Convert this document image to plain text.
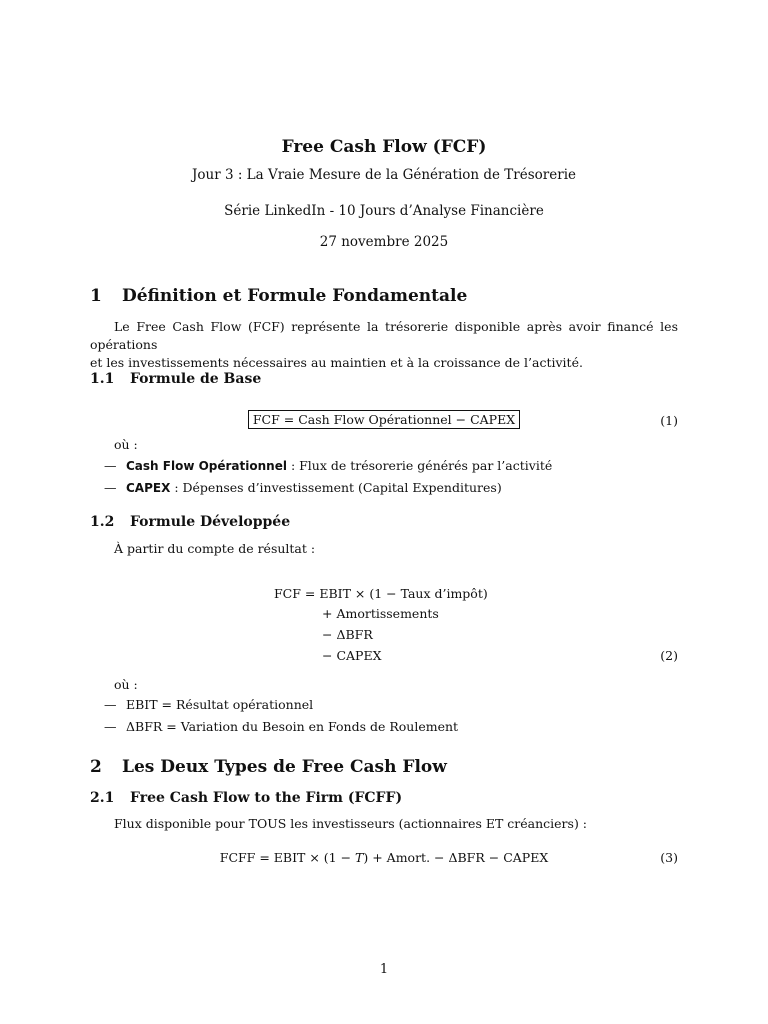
Free Cash Flow (FCF)
Jour 3 : La Vraie Mesure de la Génération de Trésorerie
Série LinkedIn - 10 Jours d’Analyse Financière
27 novembre 2025
1 Définition et Formule Fondamentale
Le Free Cash Flow (FCF) représente la trésorerie disponible après avoir financé les opérations
et les investissements nécessaires au maintien et à la croissance de l’activité.
1.1 Formule de Base
FCF = Cash Flow Opérationnel − CAPEX	(1)
où :
— Cash Flow Opérationnel : Flux de trésorerie générés par l’activité
— CAPEX : Dépenses d’investissement (Capital Expenditures)
1.2 Formule Développée
À partir du compte de résultat :
FCF = EBIT × (1 − Taux d’impôt)
+ Amortissements
− ΔBFR
− CAPEX	(2)
où :
— EBIT = Résultat opérationnel
— ΔBFR = Variation du Besoin en Fonds de Roulement
2 Les Deux Types de Free Cash Flow
2.1 Free Cash Flow to the Firm (FCFF)
Flux disponible pour TOUS les investisseurs (actionnaires ET créanciers) :
FCFF = EBIT × (1 − T) + Amort. − ΔBFR − CAPEX	(3)
1
